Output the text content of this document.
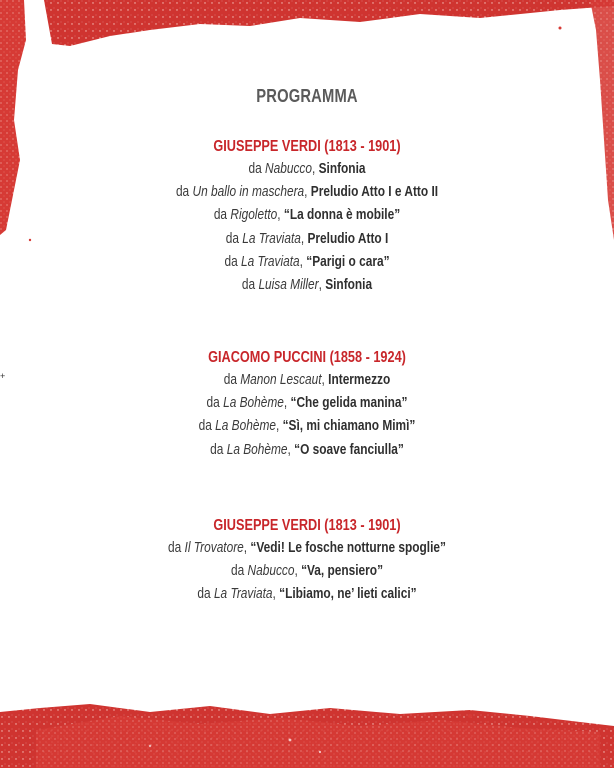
+
PROGRAMMA
GIUSEPPE VERDI (1813 - 1901)
da Nabucco, Sinfonia
da Un ballo in maschera, Preludio Atto I e Atto II
da Rigoletto, “La donna è mobile”
da La Traviata, Preludio Atto I
da La Traviata, “Parigi o cara”
da Luisa Miller, Sinfonia
GIACOMO PUCCINI (1858 - 1924)
da Manon Lescaut, Intermezzo
da La Bohème, “Che gelida manina”
da La Bohème, “Sì, mi chiamano Mimì”
da La Bohème, “O soave fanciulla”
GIUSEPPE VERDI (1813 - 1901)
da Il Trovatore, “Vedi! Le fosche notturne spoglie”
da Nabucco, “Va, pensiero”
da La Traviata, “Libiamo, ne’ lieti calici”
